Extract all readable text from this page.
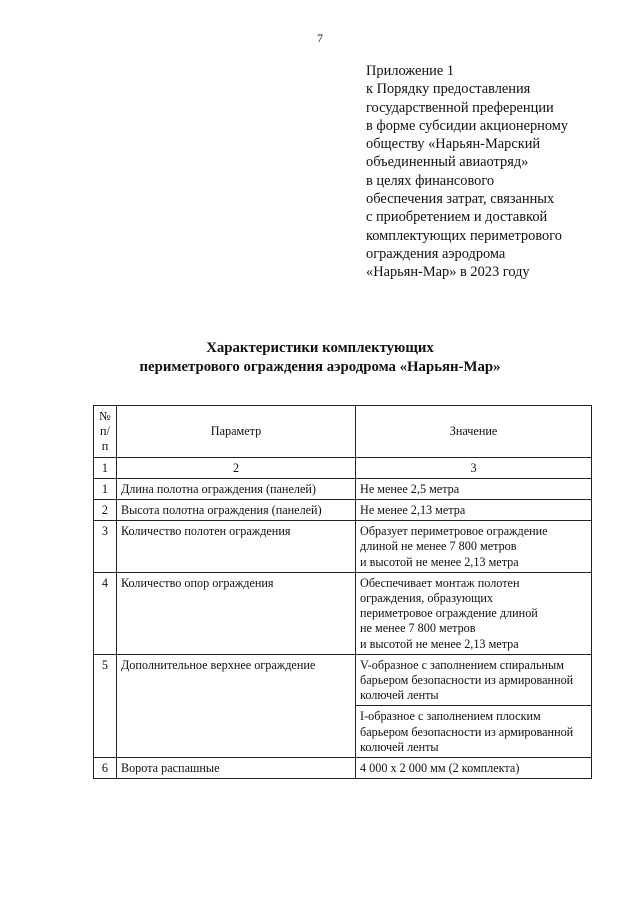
7
Приложение 1
к Порядку предоставления
государственной преференции
в форме субсидии акционерному
обществу «Нарьян-Марский
объединенный авиаотряд»
в целях финансового
обеспечения затрат, связанных
с приобретением и доставкой
комплектующих периметрового
ограждения аэродрома
«Нарьян-Мар» в 2023 году
Характеристики комплектующих
периметрового ограждения аэродрома «Нарьян-Мар»
№
п/п	Параметр	Значение
1	2	3
1	Длина полотна ограждения (панелей)	Не менее 2,5 метра
2	Высота полотна ограждения (панелей)	Не менее 2,13 метра
3	Количество полотен ограждения	Образует периметровое ограждение
длиной не менее 7 800 метров
и высотой не менее 2,13 метра
4	Количество опор ограждения	Обеспечивает монтаж полотен
ограждения, образующих
периметровое ограждение длиной
не менее 7 800 метров
и высотой не менее 2,13 метра
5	Дополнительное верхнее ограждение	V-образное с заполнением спиральным
барьером безопасности из армированной
колючей ленты
		I-образное с заполнением плоским
барьером безопасности из армированной
колючей ленты
6	Ворота распашные	4 000 х 2 000 мм (2 комплекта)
